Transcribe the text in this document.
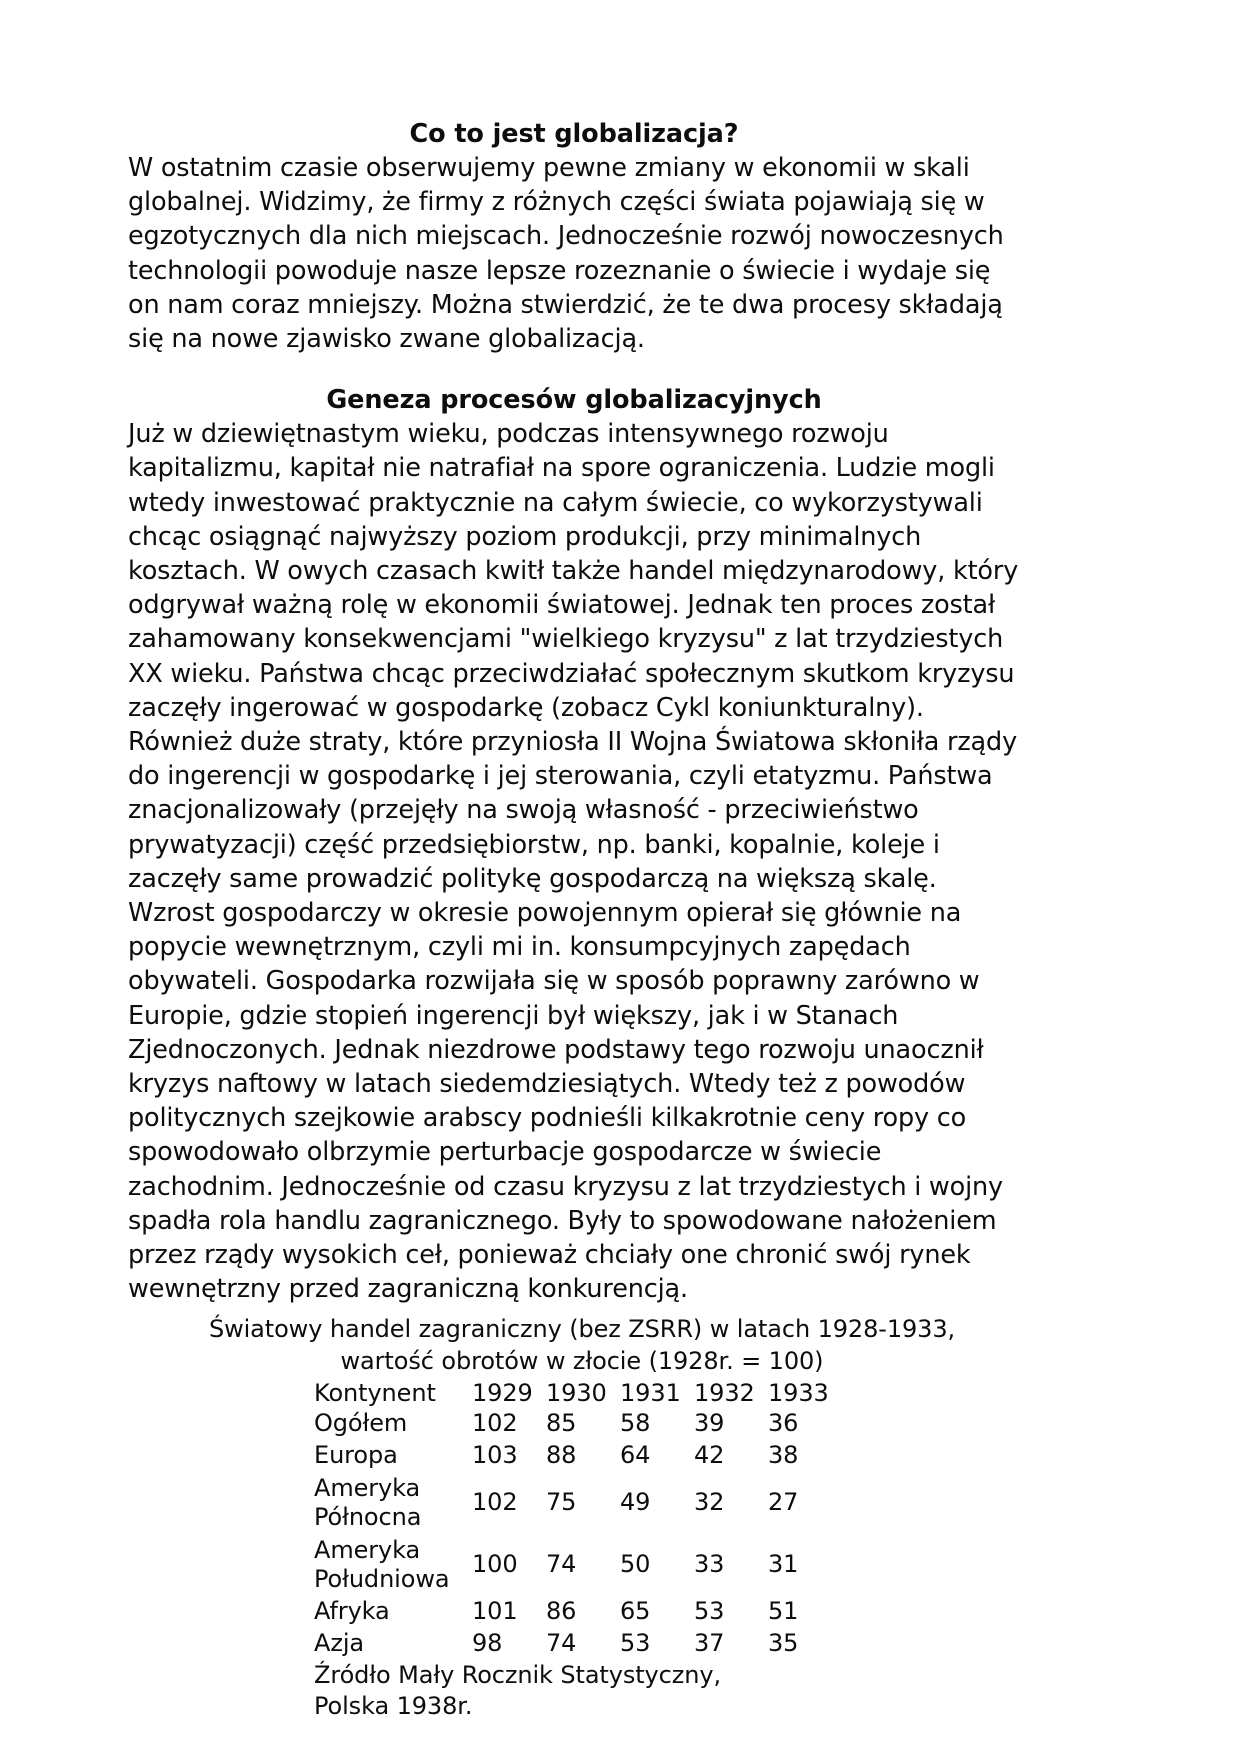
Co to jest globalizacja?

W ostatnim czasie obserwujemy pewne zmiany w ekonomii w skali globalnej. Widzimy, że firmy z różnych części świata pojawiają się w egzotycznych dla nich miejscach. Jednocześnie rozwój nowoczesnych technologii powoduje nasze lepsze rozeznanie o świecie i wydaje się on nam coraz mniejszy. Można stwierdzić, że te dwa procesy składają się na nowe zjawisko zwane globalizacją.

Geneza procesów globalizacyjnych

Już w dziewiętnastym wieku, podczas intensywnego rozwoju kapitalizmu, kapitał nie natrafiał na spore ograniczenia. Ludzie mogli wtedy inwestować praktycznie na całym świecie, co wykorzystywali chcąc osiągnąć najwyższy poziom produkcji, przy minimalnych kosztach. W owych czasach kwitł także handel międzynarodowy, który odgrywał ważną rolę w ekonomii światowej. Jednak ten proces został zahamowany konsekwencjami "wielkiego kryzysu" z lat trzydziestych XX wieku. Państwa chcąc przeciwdziałać społecznym skutkom kryzysu zaczęły ingerować w gospodarkę (zobacz Cykl koniunkturalny). Również duże straty, które przyniosła II Wojna Światowa skłoniła rządy do ingerencji w gospodarkę i jej sterowania, czyli etatyzmu. Państwa znacjonalizowały (przejęły na swoją własność - przeciwieństwo prywatyzacji) część przedsiębiorstw, np. banki, kopalnie, koleje i zaczęły same prowadzić politykę gospodarczą na większą skalę. Wzrost gospodarczy w okresie powojennym opierał się głównie na popycie wewnętrznym, czyli mi in. konsumpcyjnych zapędach obywateli. Gospodarka rozwijała się w sposób poprawny zarówno w Europie, gdzie stopień ingerencji był większy, jak i w Stanach Zjednoczonych. Jednak niezdrowe podstawy tego rozwoju unaocznił kryzys naftowy w latach siedemdziesiątych. Wtedy też z powodów politycznych szejkowie arabscy podnieśli kilkakrotnie ceny ropy co spowodowało olbrzymie perturbacje gospodarcze w świecie zachodnim. Jednocześnie od czasu kryzysu z lat trzydziestych i wojny spadła rola handlu zagranicznego. Były to spowodowane nałożeniem przez rządy wysokich ceł, ponieważ chciały one chronić swój rynek wewnętrzny przed zagraniczną konkurencją.

Światowy handel zagraniczny (bez ZSRR) w latach 1928-1933, wartość obrotów w złocie (1928r. = 100)

Kontynent	1929	1930	1931	1932	1933
Ogółem	102	85	58	39	36
Europa	103	88	64	42	38
Ameryka Północna	102	75	49	32	27
Ameryka Południowa	100	74	50	33	31
Afryka	101	86	65	53	51
Azja	98	74	53	37	35

Źródło Mały Rocznik Statystyczny, Polska 1938r.
